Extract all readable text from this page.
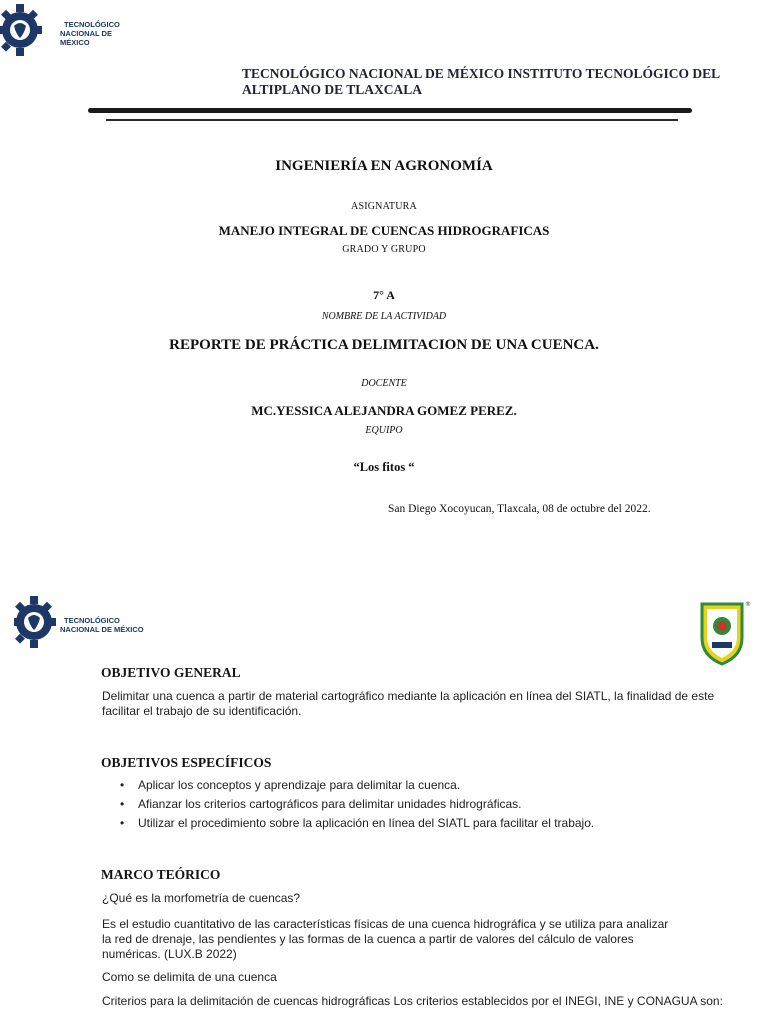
TECNOLÓGICO
NACIONAL DE MÉXICO
TECNOLÓGICO NACIONAL DE MÉXICO INSTITUTO TECNOLÓGICO DEL ALTIPLANO DE TLAXCALA
INGENIERÍA EN AGRONOMÍA
ASIGNATURA
MANEJO INTEGRAL DE CUENCAS HIDROGRAFICAS
GRADO Y GRUPO
7° A
NOMBRE DE LA ACTIVIDAD
REPORTE DE PRÁCTICA DELIMITACION DE UNA CUENCA.
DOCENTE
MC.YESSICA ALEJANDRA GOMEZ PEREZ.
EQUIPO
“Los fitos “
San Diego Xocoyucan, Tlaxcala, 08 de octubre del 2022.
TECNOLÓGICO
NACIONAL DE MÉXICO
®
OBJETIVO GENERAL
Delimitar una cuenca a partir de material cartográfico mediante la aplicación en línea del SIATL, la finalidad de este facilitar el trabajo de su identificación.
OBJETIVOS ESPECÍFICOS
• Aplicar los conceptos y aprendizaje para delimitar la cuenca.
• Afianzar los criterios cartográficos para delimitar unidades hidrográficas.
• Utilizar el procedimiento sobre la aplicación en línea del SIATL para facilitar el trabajo.
MARCO TEÓRICO
¿Qué es la morfometría de cuencas?
Es el estudio cuantitativo de las características físicas de una cuenca hidrográfica y se utiliza para analizar la red de drenaje, las pendientes y las formas de la cuenca a partir de valores del cálculo de valores numéricas. (LUX.B 2022)
Como se delimita de una cuenca
Criterios para la delimitación de cuencas hidrográficas Los criterios establecidos por el INEGI, INE y CONAGUA son:
